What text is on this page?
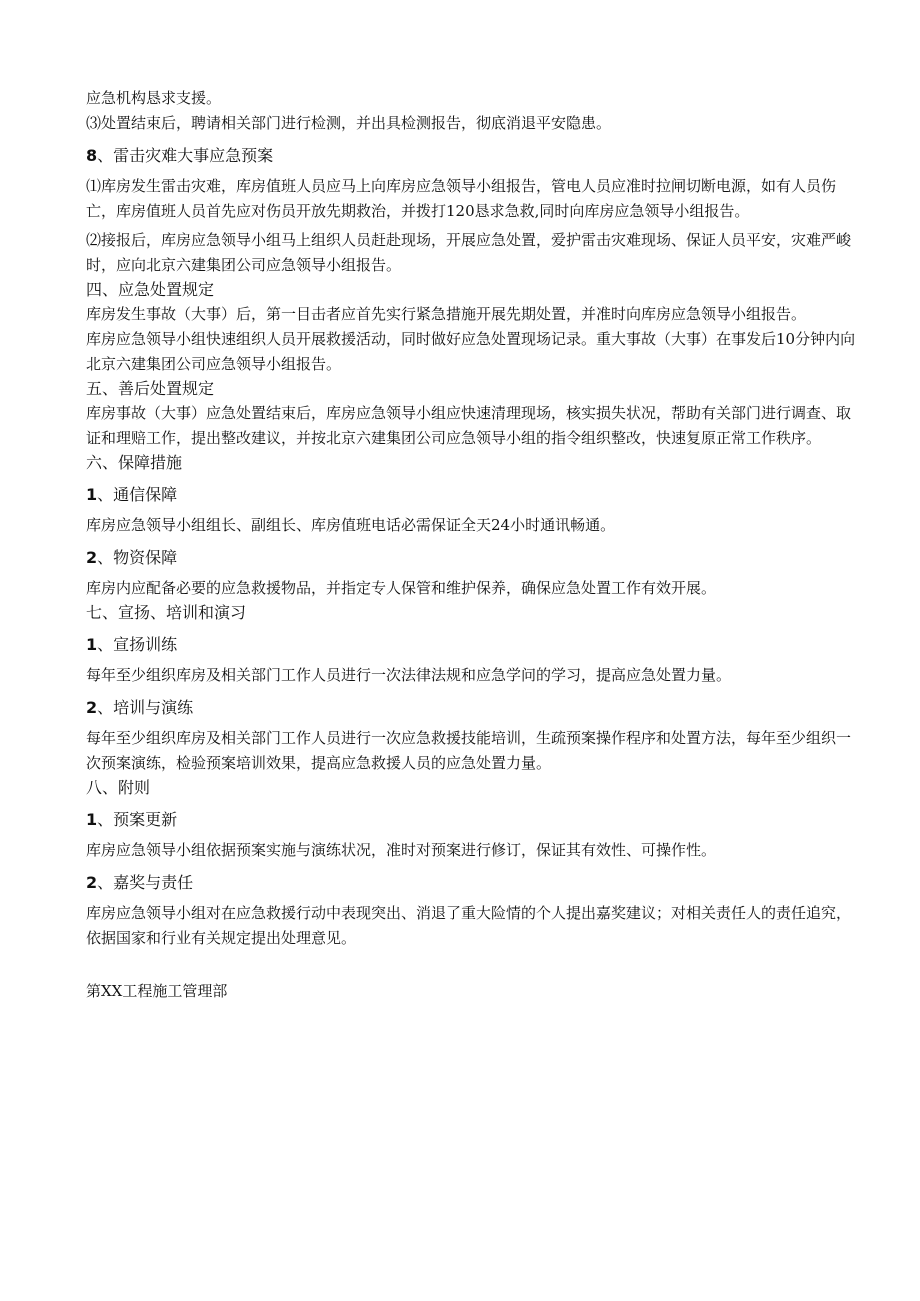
应急机构恳求支援。

⑶处置结束后，聘请相关部门进行检测，并出具检测报告，彻底消退平安隐患。

8、雷击灾难大事应急预案

⑴库房发生雷击灾难，库房值班人员应马上向库房应急领导小组报告，管电人员应准时拉闸切断电源，如有人员伤亡，库房值班人员首先应对伤员开放先期救治，并拨打120恳求急救,同时向库房应急领导小组报告。

⑵接报后，库房应急领导小组马上组织人员赶赴现场，开展应急处置，爱护雷击灾难现场、保证人员平安，灾难严峻时，应向北京六建集团公司应急领导小组报告。

四、应急处置规定

库房发生事故（大事）后，第一目击者应首先实行紧急措施开展先期处置，并准时向库房应急领导小组报告。

库房应急领导小组快速组织人员开展救援活动，同时做好应急处置现场记录。重大事故（大事）在事发后10分钟内向北京六建集团公司应急领导小组报告。

五、善后处置规定

库房事故（大事）应急处置结束后，库房应急领导小组应快速清理现场，核实损失状况，帮助有关部门进行调查、取证和理赔工作，提出整改建议，并按北京六建集团公司应急领导小组的指令组织整改，快速复原正常工作秩序。

六、保障措施
1、通信保障

库房应急领导小组组长、副组长、库房值班电话必需保证全天24小时通讯畅通。

2、物资保障

库房内应配备必要的应急救援物品，并指定专人保管和维护保养，确保应急处置工作有效开展。

七、宣扬、培训和演习
1、宣扬训练

每年至少组织库房及相关部门工作人员进行一次法律法规和应急学问的学习，提高应急处置力量。

2、培训与演练

每年至少组织库房及相关部门工作人员进行一次应急救援技能培训，生疏预案操作程序和处置方法，每年至少组织一次预案演练，检验预案培训效果，提高应急救援人员的应急处置力量。

八、附则
1、预案更新

库房应急领导小组依据预案实施与演练状况，准时对预案进行修订，保证其有效性、可操作性。

2、嘉奖与责任

库房应急领导小组对在应急救援行动中表现突出、消退了重大险情的个人提出嘉奖建议；对相关责任人的责任追究，依据国家和行业有关规定提出处理意见。

第XX工程施工管理部
